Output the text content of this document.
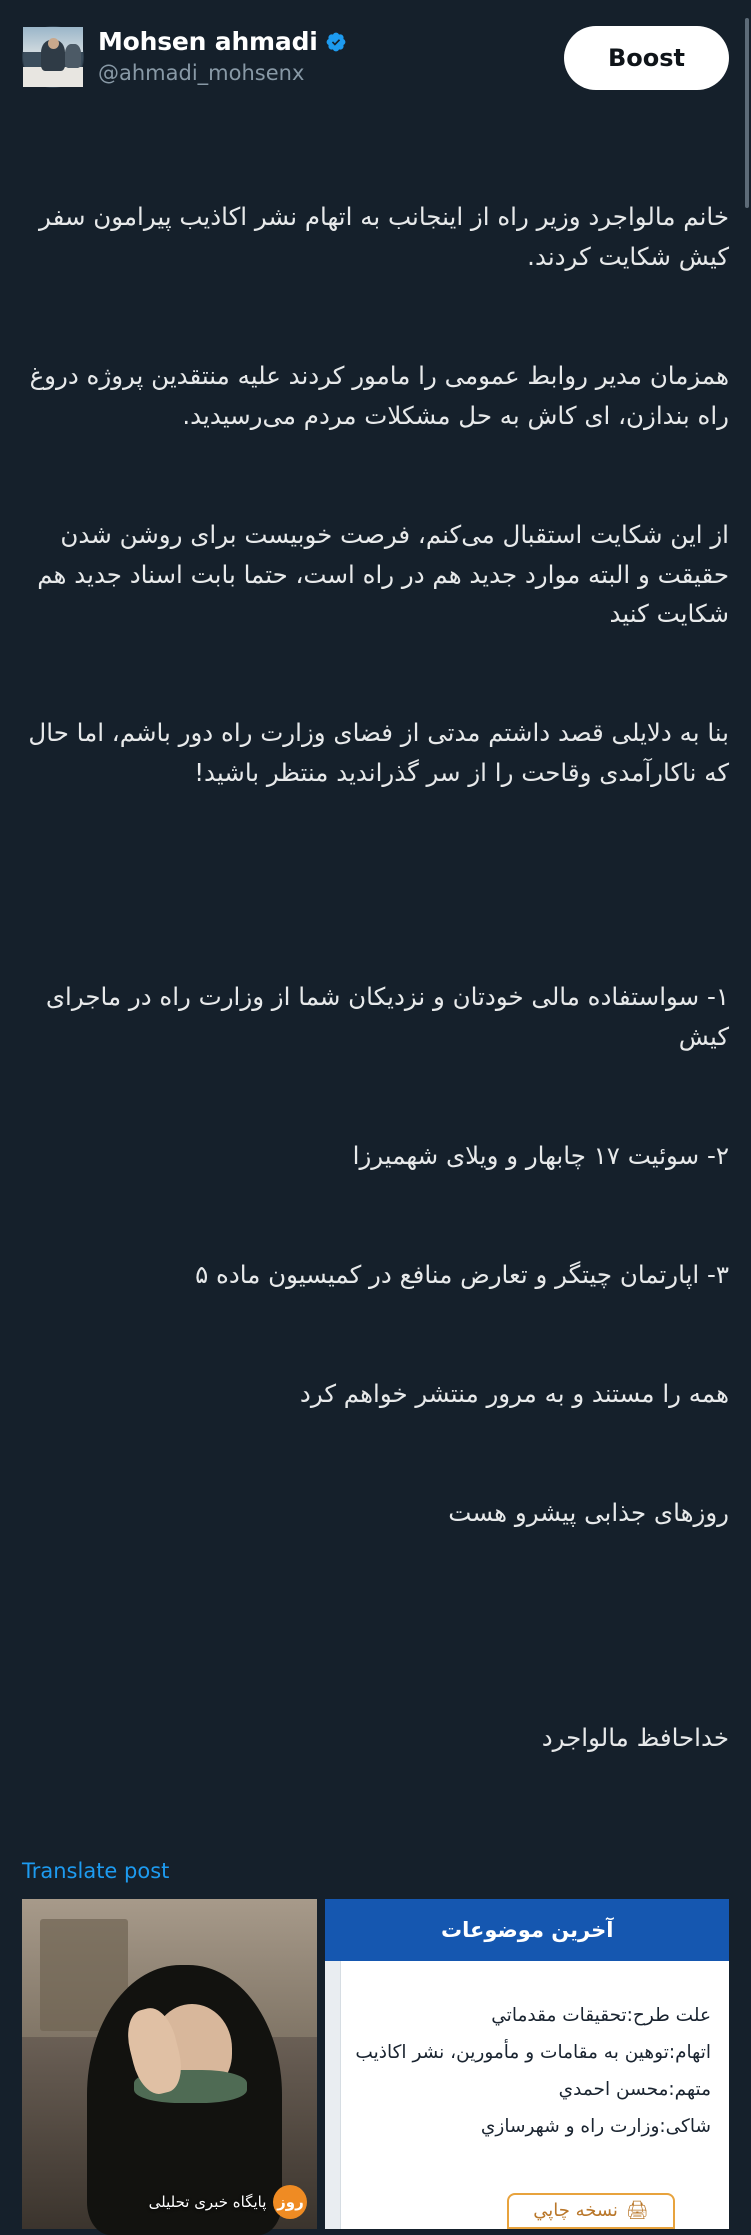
Mohsen ahmadi
@ahmadi_mohsenx
Boost

خانم مالواجرد وزیر راه از اینجانب به اتهام نشر اکاذیب پیرامون سفر کیش شکایت کردند.

همزمان مدیر روابط عمومی را مامور کردند علیه منتقدین پروژه دروغ راه بندازن، ای کاش به حل مشکلات مردم می‌رسیدید.

از این شکایت استقبال می‌کنم، فرصت خوبیست برای روشن شدن حقیقت و البته موارد جدید هم در راه است، حتما بابت اسناد جدید هم شکایت کنید

بنا به دلایلی قصد داشتم مدتی از فضای وزارت راه دور باشم، اما حال که ناکارآمدی وقاحت را از سر گذراندید منتظر باشید!

۱- سواستفاده مالی خودتان و نزدیکان شما از وزارت راه در ماجرای کیش

۲- سوئیت ۱۷ چابهار و ویلای شهمیرزا

۳- اپارتمان چیتگر و تعارض منافع در کمیسیون ماده ۵

همه را مستند و به مرور منتشر خواهم کرد

روزهای جذابی پیشرو هست

خداحافظ مالواجرد

Translate post
آخرین موضوعات

علت طرح:تحقیقات مقدماتي

اتهام:توهین به مقامات و مأمورین، نشر اکاذیب

متهم:محسن احمدي

شاکی:وزارت راه و شهرسازي

🖨
نسخه چاپي
روز
پایگاه خبری تحلیلی
